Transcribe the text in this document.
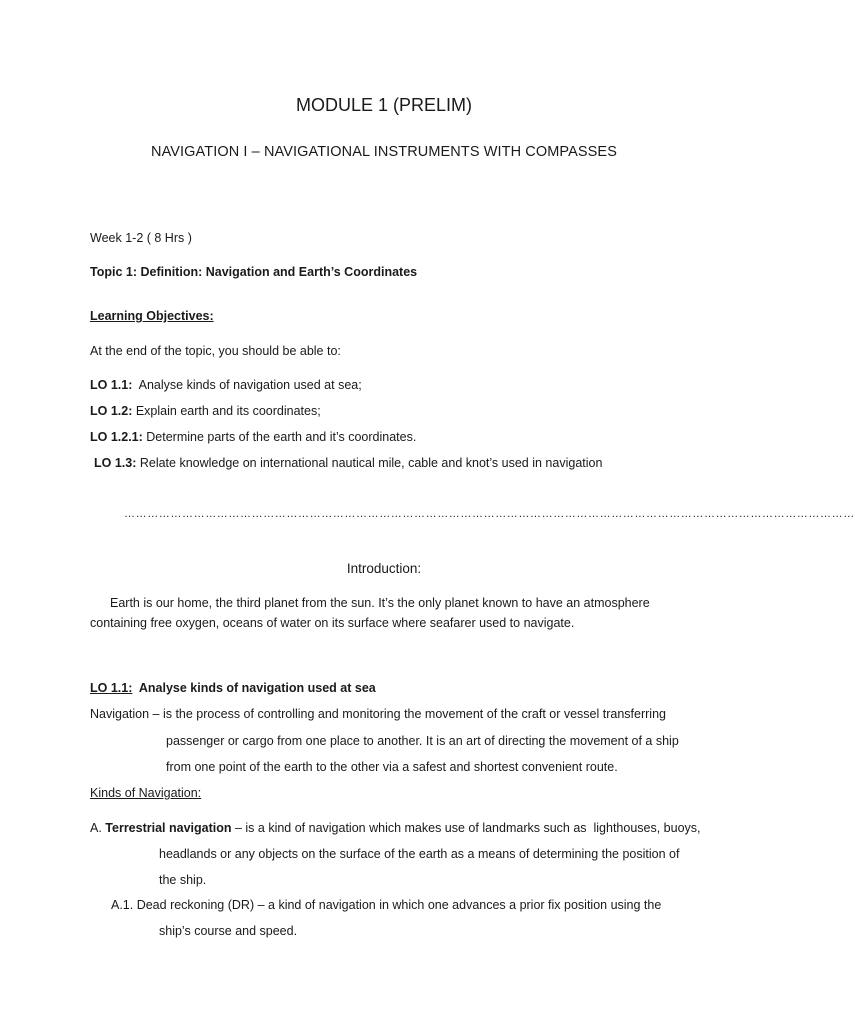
MODULE 1 (PRELIM)
NAVIGATION I – NAVIGATIONAL INSTRUMENTS WITH COMPASSES
Week 1-2 ( 8 Hrs )
Topic 1: Definition: Navigation and Earth’s Coordinates
Learning Objectives:
At the end of the topic, you should be able to:
LO 1.1:  Analyse kinds of navigation used at sea;
LO 1.2: Explain earth and its coordinates;
LO 1.2.1: Determine parts of the earth and it’s coordinates.
LO 1.3: Relate knowledge on international nautical mile, cable and knot’s used in navigation
………………………………………………………………………………………………………………………………………………………………………
Introduction:
Earth is our home, the third planet from the sun. It’s the only planet known to have an atmosphere
containing free oxygen, oceans of water on its surface where seafarer used to navigate.
LO 1.1:  Analyse kinds of navigation used at sea
Navigation – is the process of controlling and monitoring the movement of the craft or vessel transferring
passenger or cargo from one place to another. It is an art of directing the movement of a ship
from one point of the earth to the other via a safest and shortest convenient route.
Kinds of Navigation:
A. Terrestrial navigation – is a kind of navigation which makes use of landmarks such as  lighthouses, buoys,
headlands or any objects on the surface of the earth as a means of determining the position of
the ship.
A.1. Dead reckoning (DR) – a kind of navigation in which one advances a prior fix position using the
ship’s course and speed.
